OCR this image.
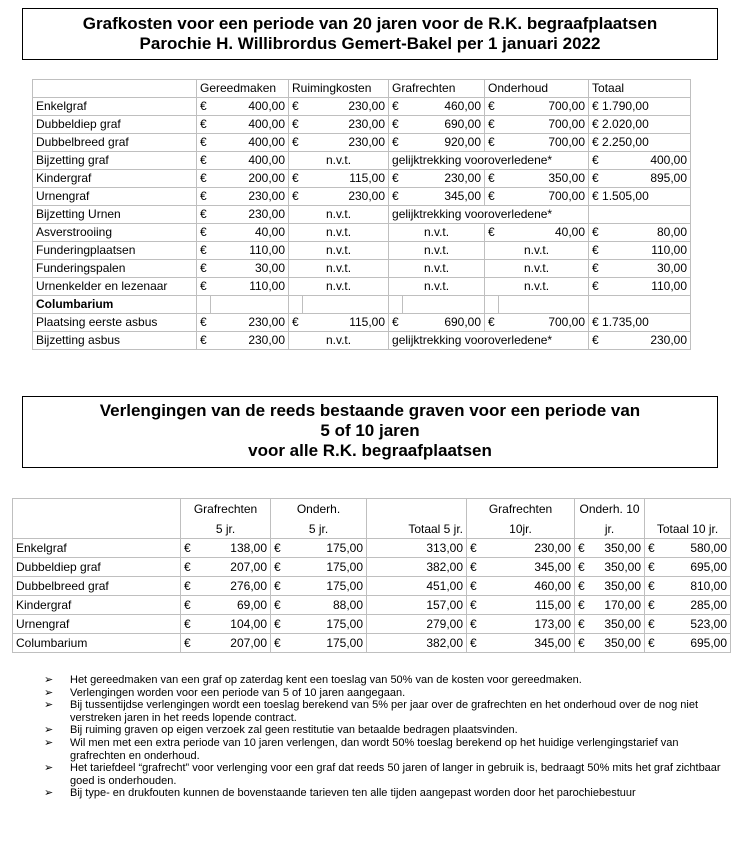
Grafkosten voor een periode van 20 jaren voor de R.K. begraafplaatsen
Parochie H. Willibrordus Gemert-Bakel per 1 januari 2022
	Gereedmaken		Ruimingkosten		Grafrechten		Onderhoud		Totaal
Enkelgraf	€	400,00	€	230,00	€	460,00	€	700,00	€ 1.790,00
Dubbeldiep graf	€	400,00	€	230,00	€	690,00	€	700,00	€ 2.020,00
Dubbelbreed graf	€	400,00	€	230,00	€	920,00	€	700,00	€ 2.250,00
Bijzetting graf	€	400,00	n.v.t.		gelijktrekking vooroverledene*				€ 400,00

Kindergraf	€	200,00	€	115,00	€	230,00	€	350,00	€ 895,00

Urnengraf	€	230,00	€	230,00	€	345,00	€	700,00	€ 1.505,00
Bijzetting Urnen	€	230,00	n.v.t.		gelijktrekking vooroverledene*				
Asverstrooiing	€	40,00	n.v.t.		n.v.t.		€	40,00	€ 80,00

Funderingplaatsen	€	110,00	n.v.t.		n.v.t.		n.v.t.		€ 110,00

Funderingspalen	€	30,00	n.v.t.		n.v.t.		n.v.t.		€ 30,00

Urnenkelder en lezenaar	€	110,00	n.v.t.		n.v.t.		n.v.t.		€ 110,00

Columbarium									
Plaatsing eerste asbus	€	230,00	€	115,00	€	690,00	€	700,00	€ 1.735,00
Bijzetting asbus	€	230,00	n.v.t.		gelijktrekking vooroverledene*				€ 230,00
Verlengingen van de reeds bestaande graven voor een periode van
5 of 10 jaren
voor alle R.K. begraafplaatsen
	Grafrechten		Onderh.			Grafrechten		Onderh. 10			
	5 jr.		5 jr.		Totaal 5 jr.	10jr.		jr.		Totaal 10 jr.	
Enkelgraf	€	138,00	€	175,00	313,00	€	230,00	€	350,00	€	580,00
Dubbeldiep graf	€	207,00	€	175,00	382,00	€	345,00	€	350,00	€	695,00
Dubbelbreed graf	€	276,00	€	175,00	451,00	€	460,00	€	350,00	€	810,00
Kindergraf	€	69,00	€	88,00	157,00	€	115,00	€	170,00	€	285,00
Urnengraf	€	104,00	€	175,00	279,00	€	173,00	€	350,00	€	523,00
Columbarium	€	207,00	€	175,00	382,00	€	345,00	€	350,00	€	695,00
➢ Het gereedmaken van een graf op zaterdag kent een toeslag van 50% van de kosten voor gereedmaken.
➢ Verlengingen worden voor een periode van 5 of 10 jaren aangegaan.
➢ Bij tussentijdse verlengingen wordt een toeslag berekend van 5% per jaar over de grafrechten en het onderhoud over de nog niet verstreken jaren in het reeds lopende contract.
➢ Bij ruiming graven op eigen verzoek zal geen restitutie van betaalde bedragen plaatsvinden.
➢ Wil men met een extra periode van 10 jaren verlengen, dan wordt 50% toeslag berekend op het huidige verlengingstarief van grafrechten en onderhoud.
➢ Het tariefdeel “grafrecht” voor verlenging voor een graf dat reeds 50 jaren of langer in gebruik is, bedraagt 50% mits het graf zichtbaar goed is onderhouden.
➢ Bij type- en drukfouten kunnen de bovenstaande tarieven ten alle tijden aangepast worden door het parochiebestuur
